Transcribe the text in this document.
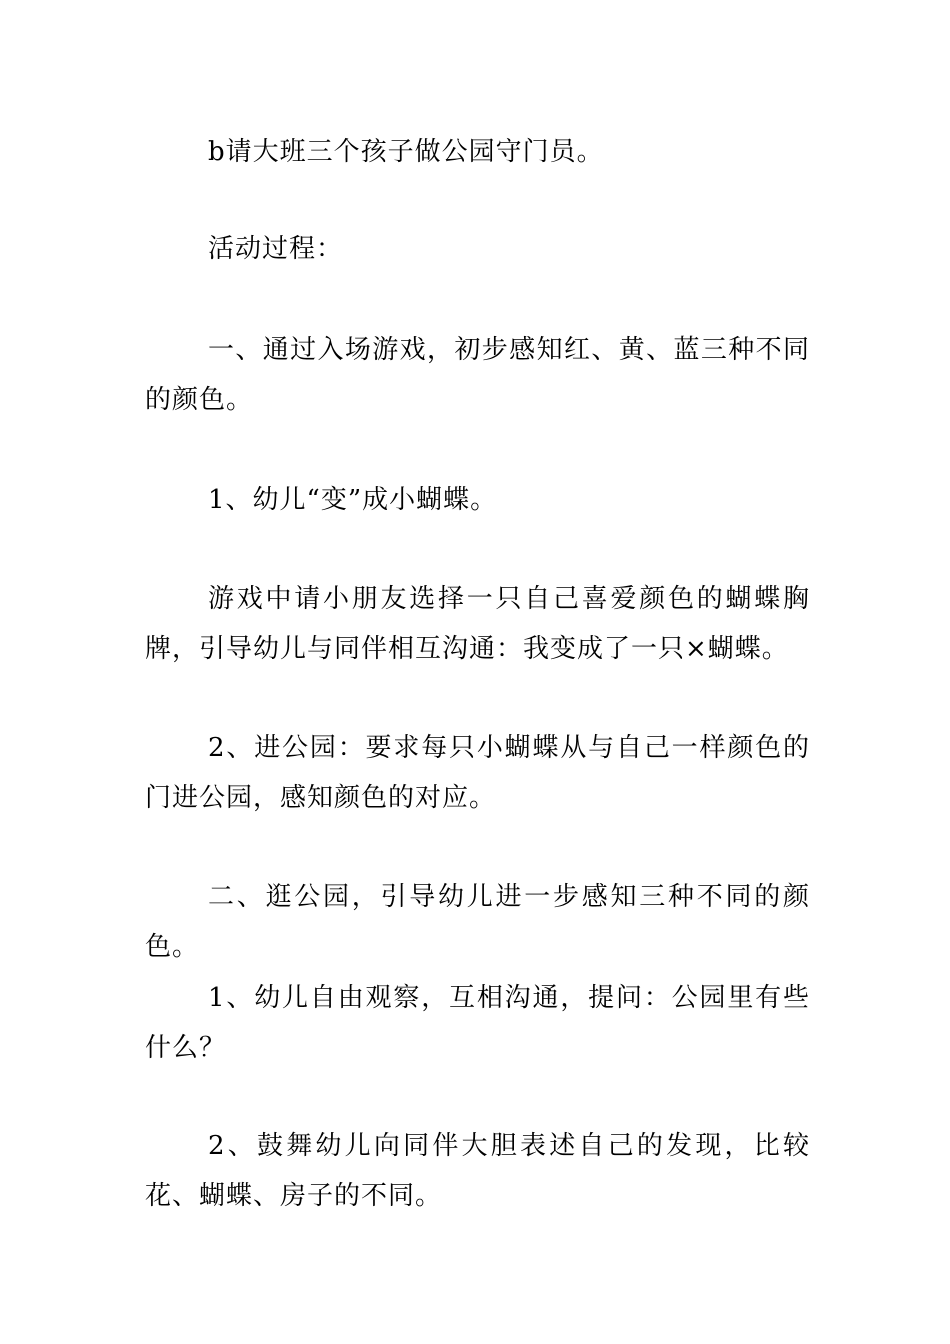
b请大班三个孩子做公园守门员。

活动过程：

一、通过入场游戏，初步感知红、黄、蓝三种不同的颜色。

1、幼儿“变”成小蝴蝶。

游戏中请小朋友选择一只自己喜爱颜色的蝴蝶胸牌，引导幼儿与同伴相互沟通：我变成了一只×蝴蝶。

2、进公园：要求每只小蝴蝶从与自己一样颜色的门进公园，感知颜色的对应。

二、逛公园，引导幼儿进一步感知三种不同的颜色。

1、幼儿自由观察，互相沟通，提问：公园里有些什么？

2、鼓舞幼儿向同伴大胆表述自己的发现，比较花、蝴蝶、房子的不同。
